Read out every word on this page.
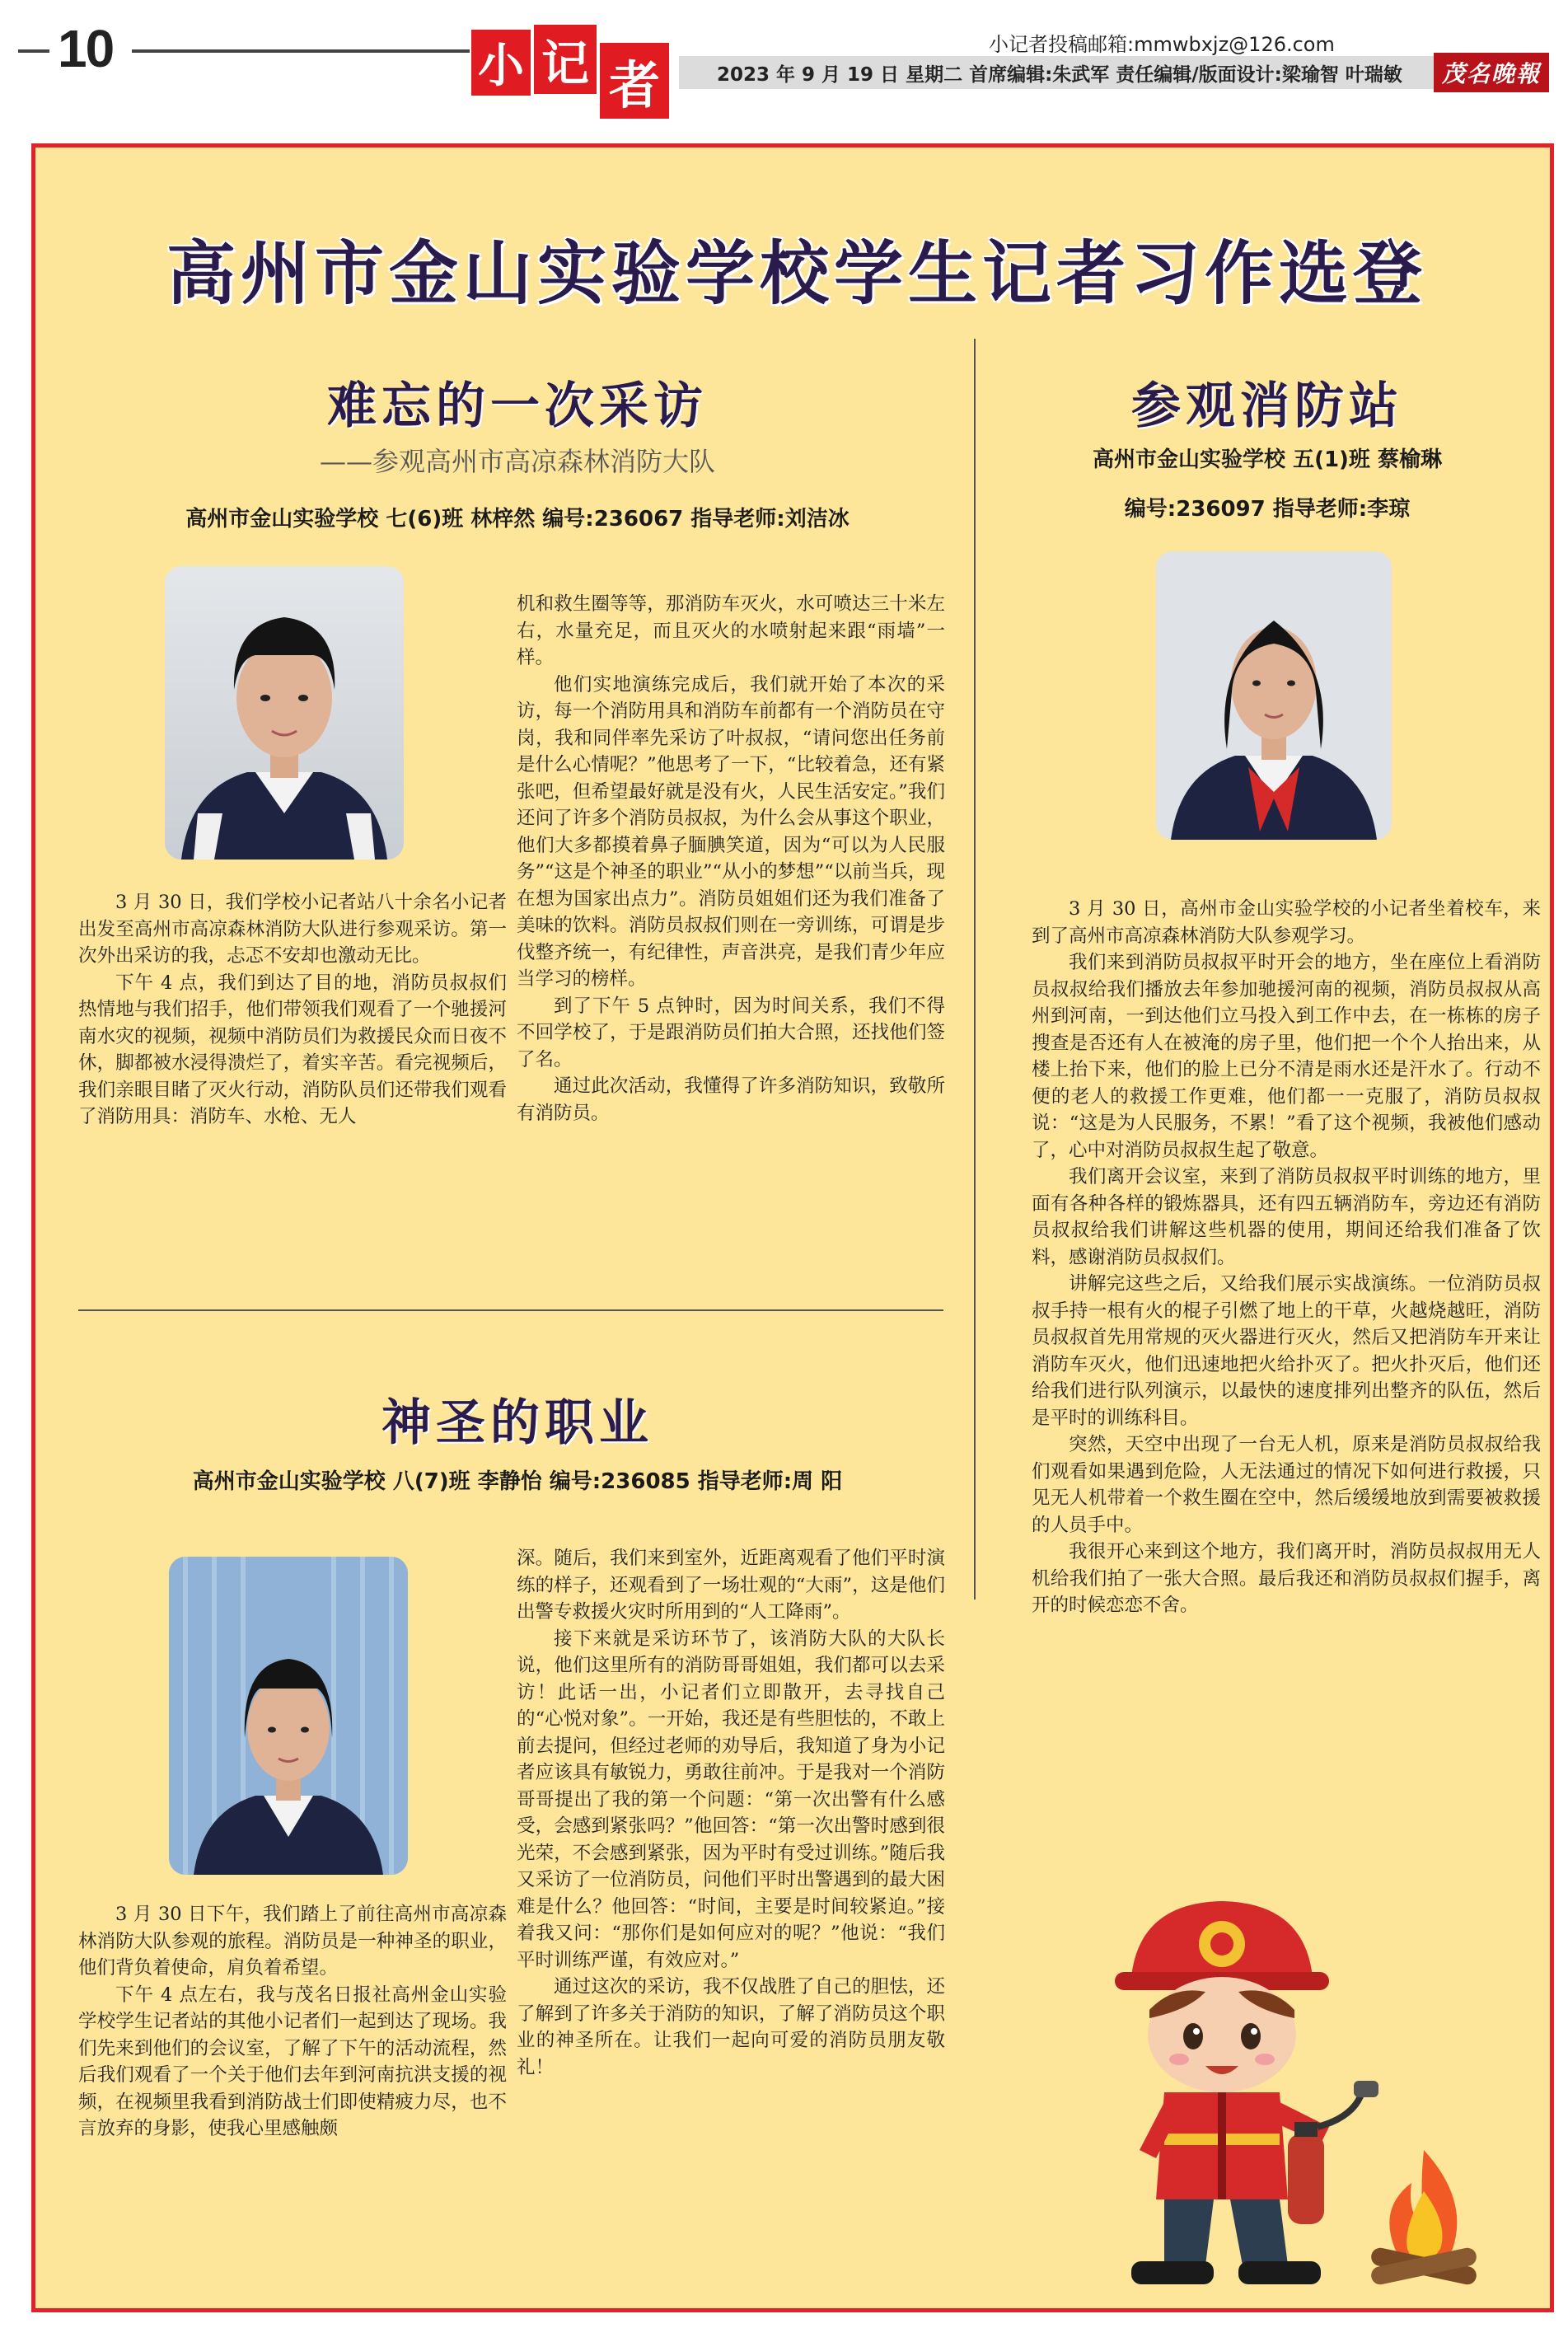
10	小 记 者
小记者投稿邮箱:mmwbxjz@126.com
2023 年 9 月 19 日 星期二 首席编辑:朱武军 责任编辑/版面设计:梁瑜智 叶瑞敏	茂名晚報
高州市金山实验学校学生记者习作选登
难忘的一次采访
——参观高州市高凉森林消防大队
高州市金山实验学校 七(6)班 林梓然 编号:236067 指导老师:刘洁冰

3 月 30 日，我们学校小记者站八十余名小记者出发至高州市高凉森林消防大队进行参观采访。第一次外出采访的我，忐忑不安却也激动无比。

下午 4 点，我们到达了目的地，消防员叔叔们热情地与我们招手，他们带领我们观看了一个驰援河南水灾的视频，视频中消防员们为救援民众而日夜不休，脚都被水浸得溃烂了，着实辛苦。看完视频后，我们亲眼目睹了灭火行动，消防队员们还带我们观看了消防用具：消防车、水枪、无人

机和救生圈等等，那消防车灭火，水可喷达三十米左右，水量充足，而且灭火的水喷射起来跟“雨墙”一样。

他们实地演练完成后，我们就开始了本次的采访，每一个消防用具和消防车前都有一个消防员在守岗，我和同伴率先采访了叶叔叔，“请问您出任务前是什么心情呢？”他思考了一下，“比较着急，还有紧张吧，但希望最好就是没有火，人民生活安定。”我们还问了许多个消防员叔叔，为什么会从事这个职业，他们大多都摸着鼻子腼腆笑道，因为“可以为人民服务”“这是个神圣的职业”“从小的梦想”“以前当兵，现在想为国家出点力”。消防员姐姐们还为我们准备了美味的饮料。消防员叔叔们则在一旁训练，可谓是步伐整齐统一，有纪律性，声音洪亮，是我们青少年应当学习的榜样。

到了下午 5 点钟时，因为时间关系，我们不得不回学校了，于是跟消防员们拍大合照，还找他们签了名。

通过此次活动，我懂得了许多消防知识，致敬所有消防员。

神圣的职业
高州市金山实验学校 八(7)班 李静怡 编号:236085 指导老师:周 阳

3 月 30 日下午，我们踏上了前往高州市高凉森林消防大队参观的旅程。消防员是一种神圣的职业，他们背负着使命，肩负着希望。

下午 4 点左右，我与茂名日报社高州金山实验学校学生记者站的其他小记者们一起到达了现场。我们先来到他们的会议室，了解了下午的活动流程，然后我们观看了一个关于他们去年到河南抗洪支援的视频，在视频里我看到消防战士们即使精疲力尽，也不言放弃的身影，使我心里感触颇

深。随后，我们来到室外，近距离观看了他们平时演练的样子，还观看到了一场壮观的“大雨”，这是他们出警专救援火灾时所用到的“人工降雨”。

接下来就是采访环节了，该消防大队的大队长说，他们这里所有的消防哥哥姐姐，我们都可以去采访！此话一出，小记者们立即散开，去寻找自己的“心悦对象”。一开始，我还是有些胆怯的，不敢上前去提问，但经过老师的劝导后，我知道了身为小记者应该具有敏锐力，勇敢往前冲。于是我对一个消防哥哥提出了我的第一个问题：“第一次出警有什么感受，会感到紧张吗？”他回答：“第一次出警时感到很光荣，不会感到紧张，因为平时有受过训练。”随后我又采访了一位消防员，问他们平时出警遇到的最大困难是什么？他回答：“时间，主要是时间较紧迫。”接着我又问：“那你们是如何应对的呢？”他说：“我们平时训练严谨，有效应对。”

通过这次的采访，我不仅战胜了自己的胆怯，还了解到了许多关于消防的知识，了解了消防员这个职业的神圣所在。让我们一起向可爱的消防员朋友敬礼！

参观消防站
高州市金山实验学校 五(1)班 蔡榆琳
编号:236097 指导老师:李琼

3 月 30 日，高州市金山实验学校的小记者坐着校车，来到了高州市高凉森林消防大队参观学习。

我们来到消防员叔叔平时开会的地方，坐在座位上看消防员叔叔给我们播放去年参加驰援河南的视频，消防员叔叔从高州到河南，一到达他们立马投入到工作中去，在一栋栋的房子搜查是否还有人在被淹的房子里，他们把一个个人抬出来，从楼上抬下来，他们的脸上已分不清是雨水还是汗水了。行动不便的老人的救援工作更难，他们都一一克服了，消防员叔叔说：“这是为人民服务，不累！”看了这个视频，我被他们感动了，心中对消防员叔叔生起了敬意。

我们离开会议室，来到了消防员叔叔平时训练的地方，里面有各种各样的锻炼器具，还有四五辆消防车，旁边还有消防员叔叔给我们讲解这些机器的使用，期间还给我们准备了饮料，感谢消防员叔叔们。

讲解完这些之后，又给我们展示实战演练。一位消防员叔叔手持一根有火的棍子引燃了地上的干草，火越烧越旺，消防员叔叔首先用常规的灭火器进行灭火，然后又把消防车开来让消防车灭火，他们迅速地把火给扑灭了。把火扑灭后，他们还给我们进行队列演示，以最快的速度排列出整齐的队伍，然后是平时的训练科目。

突然，天空中出现了一台无人机，原来是消防员叔叔给我们观看如果遇到危险，人无法通过的情况下如何进行救援，只见无人机带着一个救生圈在空中，然后缓缓地放到需要被救援的人员手中。

我很开心来到这个地方，我们离开时，消防员叔叔用无人机给我们拍了一张大合照。最后我还和消防员叔叔们握手，离开的时候恋恋不舍。
